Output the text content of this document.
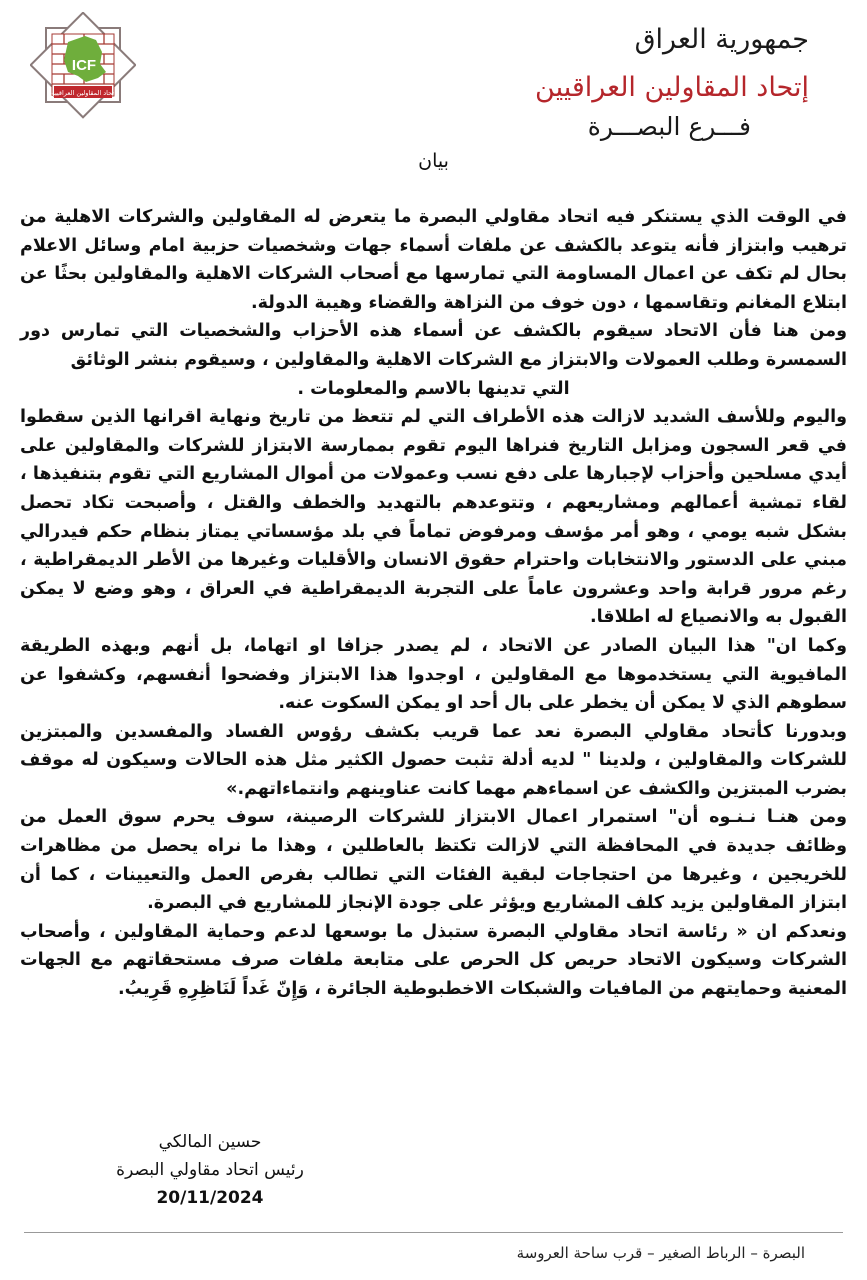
ICF
إتحاد المقاولين العراقيين
جمهورية العراق
إتحاد المقاولين العراقيين
فـــرع البصـــرة
بيان

في الوقت الذي يستنكر فيه اتحاد مقاولي البصرة ما يتعرض له المقاولين والشركات الاهلية من ترهيب وابتزاز فأنه يتوعد بالكشف عن ملفات أسماء جهات وشخصيات حزبية امام وسائل الاعلام بحال لم تكف عن اعمال المساومة التي تمارسها مع أصحاب الشركات الاهلية والمقاولين بحثًا عن ابتلاع المغانم وتقاسمها ، دون خوف من النزاهة والقضاء وهيبة الدولة.

ومن هنا فأن الاتحاد سيقوم بالكشف عن أسماء هذه الأحزاب والشخصيات التي تمارس دور السمسرة وطلب العمولات والابتزاز مع الشركات الاهلية والمقاولين ، وسيقوم بنشر الوثائق

التي تدينها بالاسم والمعلومات .

واليوم وللأسف الشديد لازالت هذه الأطراف التي لم تتعظ من تاريخ ونهاية اقرانها الذين سقطوا في قعر السجون ومزابل التاريخ فنراها اليوم تقوم بممارسة الابتزاز للشركات والمقاولين على أيدي مسلحين وأحزاب لإجبارها على دفع نسب وعمولات من أموال المشاريع التي تقوم بتنفيذها ، لقاء تمشية أعمالهم ومشاريعهم ، وتتوعدهم بالتهديد والخطف والقتل ، وأصبحت تكاد تحصل بشكل شبه يومي ، وهو أمر مؤسف ومرفوض تماماً في بلد مؤسساتي يمتاز بنظام حكم فيدرالي مبني على الدستور والانتخابات واحترام حقوق الانسان والأقليات وغيرها من الأطر الديمقراطية ، رغم مرور قرابة واحد وعشرون عاماً على التجربة الديمقراطية في العراق ، وهو وضع لا يمكن القبول به والانصياع له اطلاقا.

وكما ان" هذا البيان الصادر عن الاتحاد ، لم يصدر جزافا او اتهاما، بل أنهم وبهذه الطريقة المافيوية التي يستخدموها مع المقاولين ، اوجدوا هذا الابتزاز وفضحوا أنفسهم، وكشفوا عن سطوهم الذي لا يمكن أن يخطر على بال أحد او يمكن السكوت عنه.

وبدورنا كأتحاد مقاولي البصرة نعد عما قريب بكشف رؤوس الفساد والمفسدين والمبتزين للشركات والمقاولين ، ولدينا " لديه أدلة تثبت حصول الكثير مثل هذه الحالات وسيكون له موقف بضرب المبتزين والكشف عن اسماءهم مهما كانت عناوينهم وانتماءاتهم.»

ومن هنـا نـنـوه أن" استمرار اعمال الابتزاز للشركات الرصينة، سوف يحرم سوق العمل من وظائف جديدة في المحافظة التي لازالت تكتظ بالعاطلين ، وهذا ما نراه يحصل من مظاهرات للخريجين ، وغيرها من احتجاجات لبقية الفئات التي تطالب بفرص العمل والتعيينات ، كما أن ابتزاز المقاولين يزيد كلف المشاريع ويؤثر على جودة الإنجاز للمشاريع في البصرة.

ونعدكم ان « رئاسة اتحاد مقاولي البصرة ستبذل ما بوسعها لدعم وحماية المقاولين ، وأصحاب الشركات وسيكون الاتحاد حريص كل الحرص على متابعة ملفات صرف مستحقاتهم مع الجهات المعنية وحمايتهم من المافيات والشبكات الاخطبوطية الجائرة ، وَإِنّ غَداً لَنَاظِرِهِ قَرِيبُ.

حسين المالكي
رئيس اتحاد مقاولي البصرة
20/11/2024
البصرة – الرباط الصغير – قرب ساحة العروسة
